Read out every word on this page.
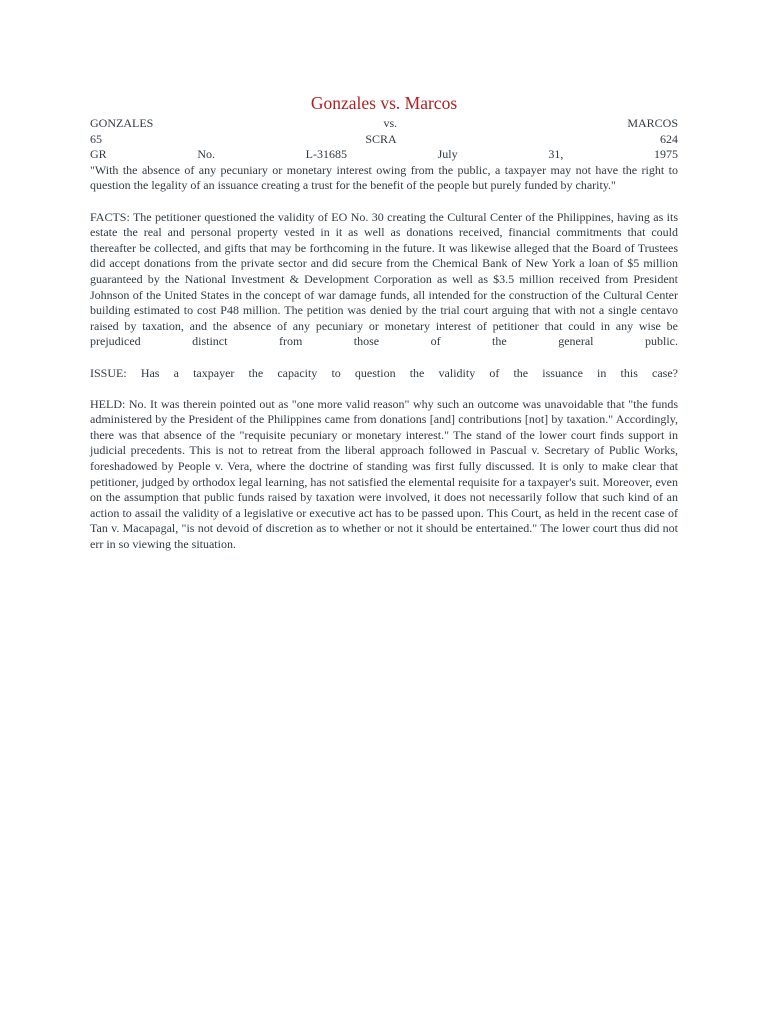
Gonzales vs. Marcos
GONZALES	vs.	MARCOS
65	SCRA	624
GR	No.	L-31685	July	31,	1975

"With the absence of any pecuniary or monetary interest owing from the public, a taxpayer may not have the right to question the legality of an issuance creating a trust for the benefit of the people but purely funded by charity."

FACTS: The petitioner questioned the validity of EO No. 30 creating the Cultural Center of the Philippines, having as its estate the real and personal property vested in it as well as donations received, financial commitments that could thereafter be collected, and gifts that may be forthcoming in the future. It was likewise alleged that the Board of Trustees did accept donations from the private sector and did secure from the Chemical Bank of New York a loan of $5 million guaranteed by the National Investment & Development Corporation as well as $3.5 million received from President Johnson of the United States in the concept of war damage funds, all intended for the construction of the Cultural Center building estimated to cost P48 million. The petition was denied by the trial court arguing that with not a single centavo raised by taxation, and the absence of any pecuniary or monetary interest of petitioner that could in any wise be prejudiced distinct from those of the general public.

ISSUE: Has a taxpayer the capacity to question the validity of the issuance in this case?

HELD: No. It was therein pointed out as "one more valid reason" why such an outcome was unavoidable that "the funds administered by the President of the Philippines came from donations [and] contributions [not] by taxation." Accordingly, there was that absence of the "requisite pecuniary or monetary interest." The stand of the lower court finds support in judicial precedents. This is not to retreat from the liberal approach followed in Pascual v. Secretary of Public Works, foreshadowed by People v. Vera, where the doctrine of standing was first fully discussed. It is only to make clear that petitioner, judged by orthodox legal learning, has not satisfied the elemental requisite for a taxpayer's suit. Moreover, even on the assumption that public funds raised by taxation were involved, it does not necessarily follow that such kind of an action to assail the validity of a legislative or executive act has to be passed upon. This Court, as held in the recent case of Tan v. Macapagal, "is not devoid of discretion as to whether or not it should be entertained." The lower court thus did not err in so viewing the situation.
